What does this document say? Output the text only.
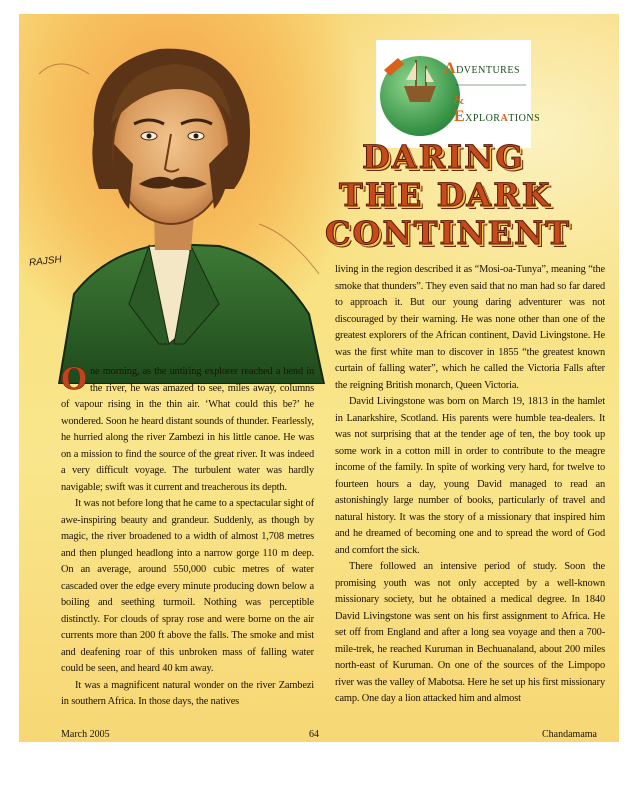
RAJSH
ADVENTURES
& EXPLORATIONS
DARING
THE DARK
CONTINENT

One morning, as the untiring explorer reached a bend in the river, he was amazed to see, miles away, columns of vapour rising in the thin air. ‘What could this be?’ he wondered. Soon he heard distant sounds of thunder. Fearlessly, he hurried along the river Zambezi in his little canoe. He was on a mission to find the source of the great river. It was indeed a very difficult voyage. The turbulent water was hardly navigable; swift was it current and treacherous its depth.

It was not before long that he came to a spectacular sight of awe-inspiring beauty and grandeur. Suddenly, as though by magic, the river broadened to a width of almost 1,708 metres and then plunged headlong into a narrow gorge 110 m deep. On an average, around 550,000 cubic metres of water cascaded over the edge every minute producing down below a boiling and seething turmoil. Nothing was perceptible distinctly. For clouds of spray rose and were borne on the air currents more than 200 ft above the falls. The smoke and mist and deafening roar of this unbroken mass of falling water could be seen, and heard 40 km away.

It was a magnificent natural wonder on the river Zambezi in southern Africa. In those days, the natives

living in the region described it as “Mosi-oa-Tunya”, meaning “the smoke that thunders”. They even said that no man had so far dared to approach it. But our young daring adventurer was not discouraged by their warning. He was none other than one of the greatest explorers of the African continent, David Livingstone. He was the first white man to discover in 1855 “the greatest known curtain of falling water”, which he called the Victoria Falls after the reigning British monarch, Queen Victoria.

David Livingstone was born on March 19, 1813 in the hamlet in Lanarkshire, Scotland. His parents were humble tea-dealers. It was not surprising that at the tender age of ten, the boy took up some work in a cotton mill in order to contribute to the meagre income of the family. In spite of working very hard, for twelve to fourteen hours a day, young David managed to read an astonishingly large number of books, particularly of travel and natural history. It was the story of a missionary that inspired him and he dreamed of becoming one and to spread the word of God and comfort the sick.

There followed an intensive period of study. Soon the promising youth was not only accepted by a well-known missionary society, but he obtained a medical degree. In 1840 David Livingstone was sent on his first assignment to Africa. He set off from England and after a long sea voyage and then a 700-mile-trek, he reached Kuruman in Bechuanaland, about 200 miles north-east of Kuruman. On one of the sources of the Limpopo river was the valley of Mabotsa. Here he set up his first missionary camp. One day a lion attacked him and almost

March 2005	64	Chandamama
